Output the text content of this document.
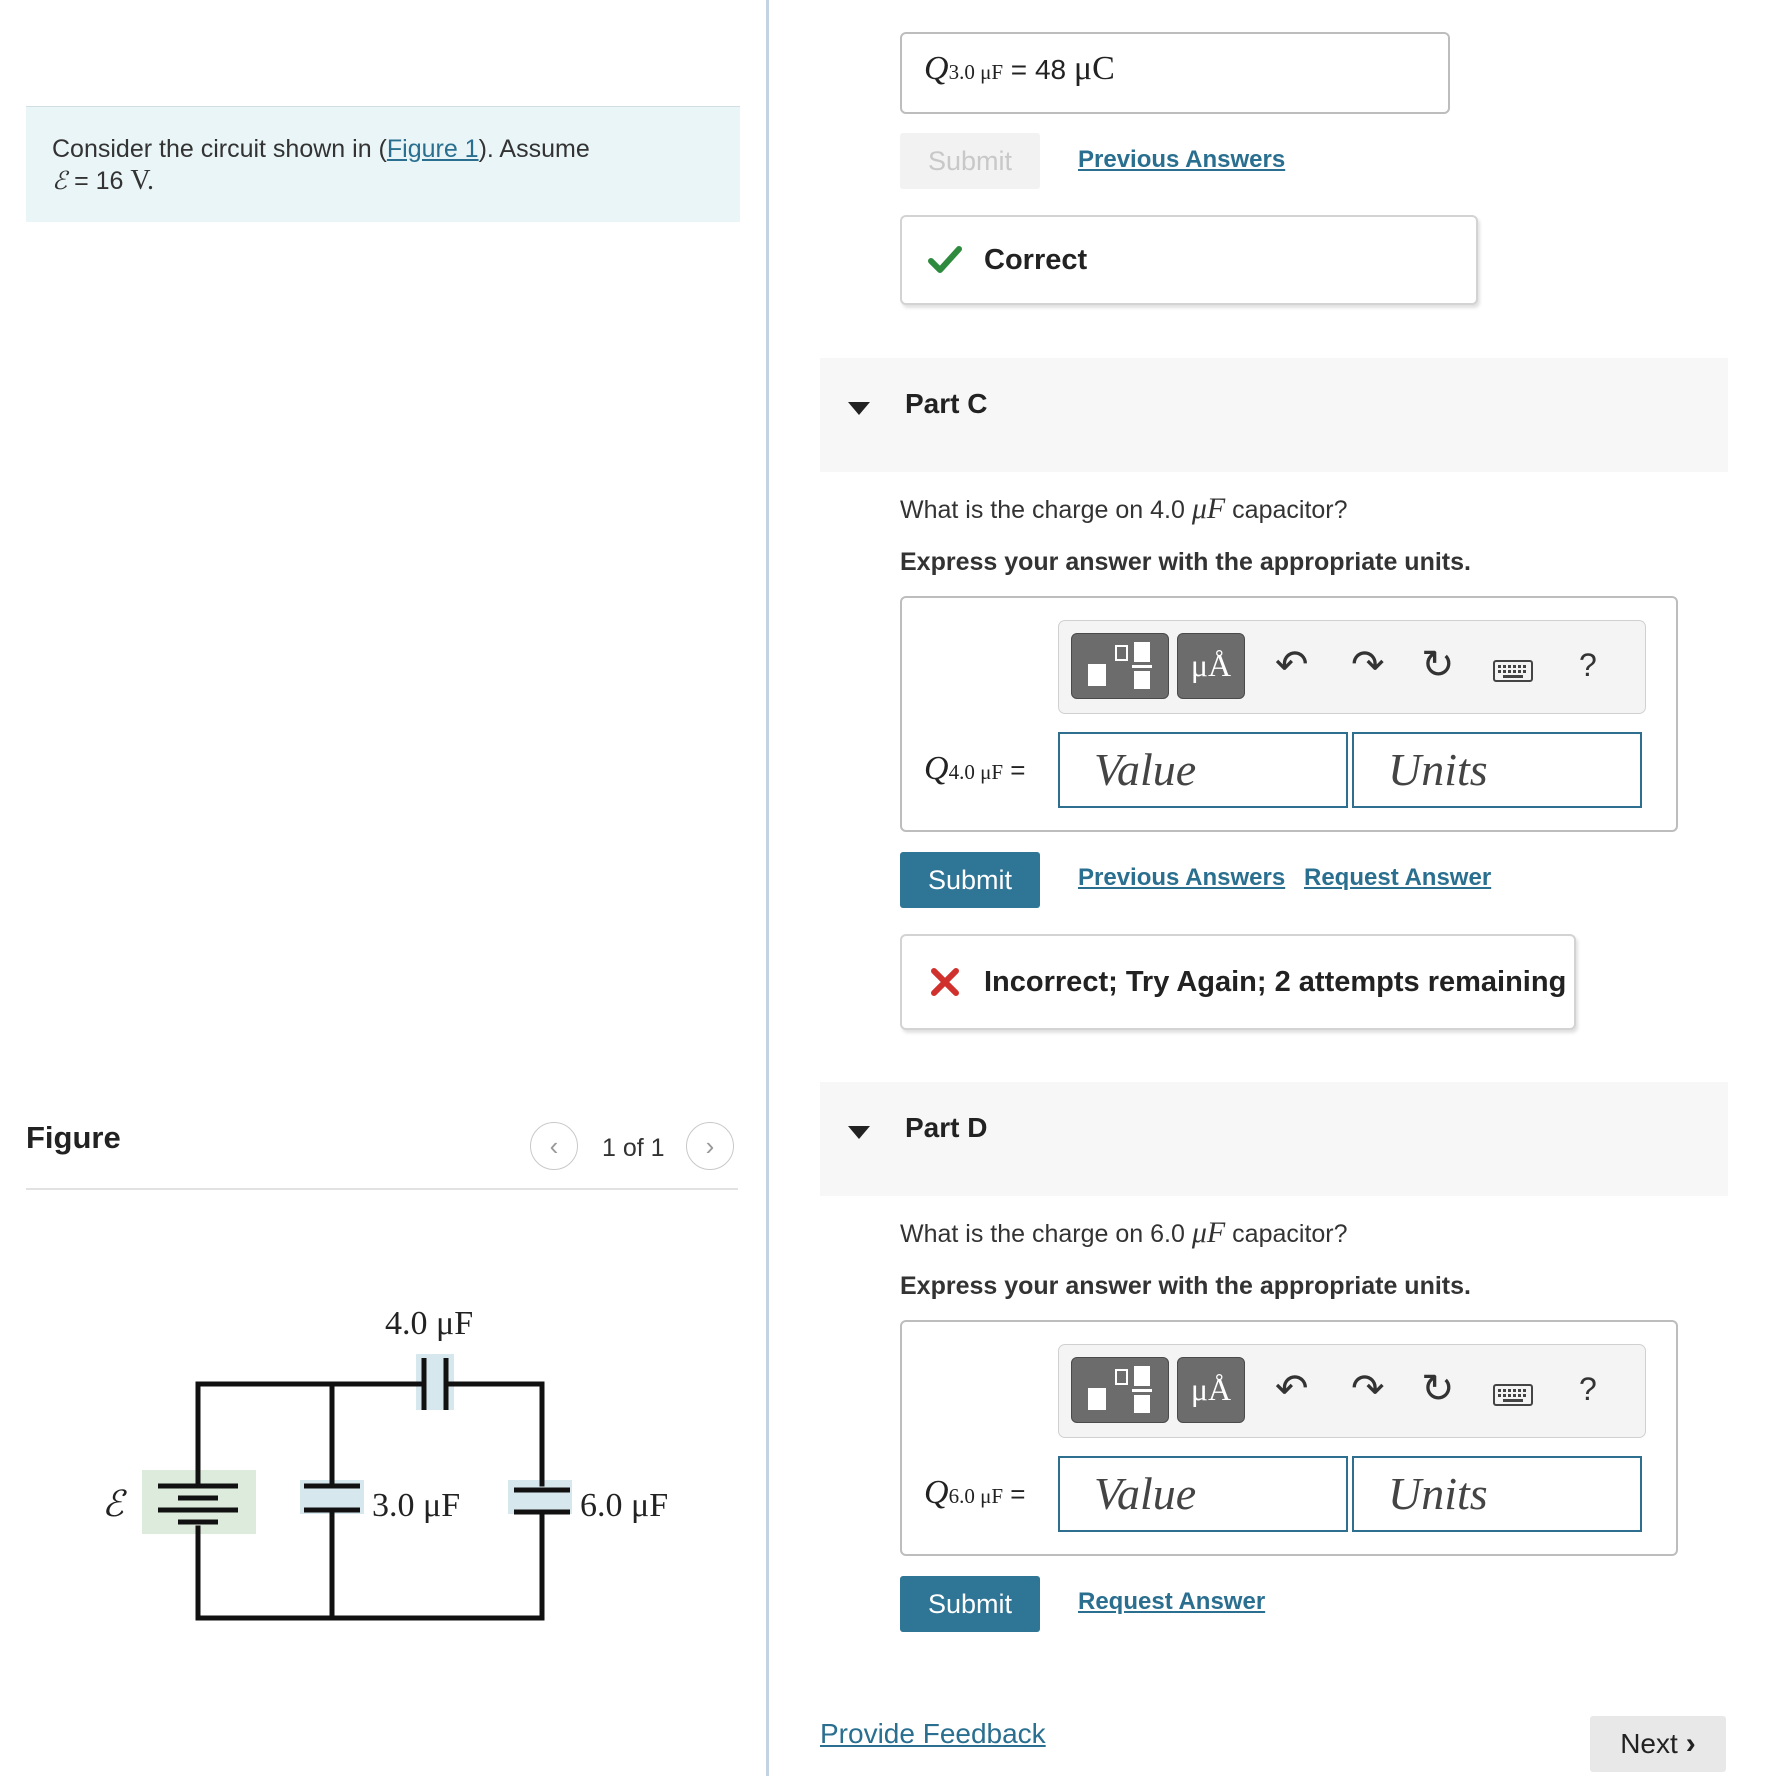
Consider the circuit shown in (Figure 1). Assume
ℰ = 16 V.
Figure	‹ 1 of 1 ›
4.0 μF
3.0 μF	6.0 μF
ℰ
Q3.0 μF = 48 μC
Submit	Previous Answers
Correct
Part C
What is the charge on 4.0 μF capacitor?
Express your answer with the appropriate units.
μÅ	↶ ↷ ↻	?
Q4.0 μF =	Value	Units
Submit	Previous Answers Request Answer
Incorrect; Try Again; 2 attempts remaining
Part D
What is the charge on 6.0 μF capacitor?
Express your answer with the appropriate units.
μÅ	↶ ↷ ↻	?
Q6.0 μF =	Value	Units
Submit	Request Answer
Provide Feedback	Next ›
